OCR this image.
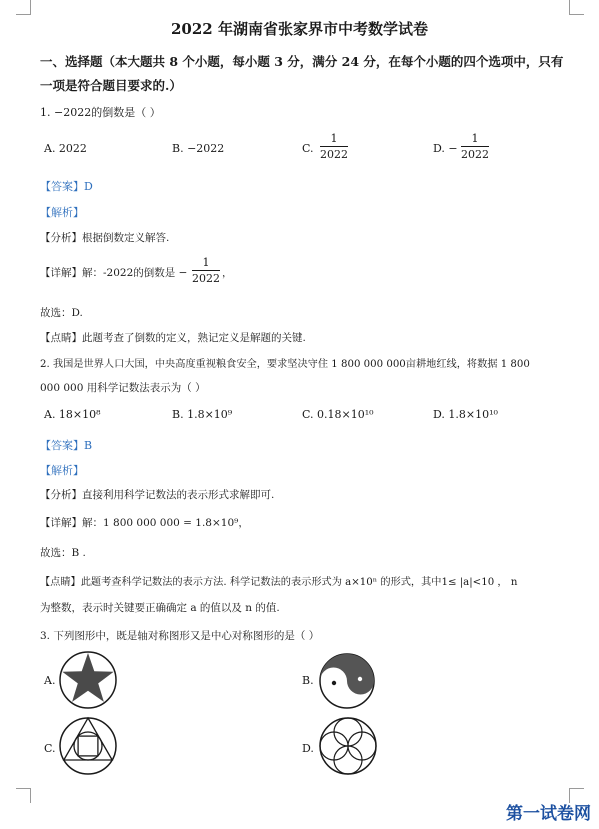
2022 年湖南省张家界市中考数学试卷
一、选择题（本大题共 8 个小题，每小题 3 分，满分 24 分，在每个小题的四个选项中，只有
一项是符合题目要求的.）
1. −2022的倒数是（ ）
A. 2022	B. −2022	C.
1
2022	D. −
1
2022
【答案】D
【解析】
【分析】根据倒数定义解答.
【详解】解：-2022的倒数是 −
1
2022 ，
故选：D.
【点睛】此题考查了倒数的定义，熟记定义是解题的关键.
2. 我国是世界人口大国，中央高度重视粮食安全，要求坚决守住 1 800 000 000亩耕地红线，将数据 1 800
000 000 用科学记数法表示为（ ）
A. 18×10⁸	B. 1.8×10⁹	C. 0.18×10¹⁰	D. 1.8×10¹⁰
【答案】B
【解析】
【分析】直接利用科学记数法的表示形式求解即可.
【详解】解：1 800 000 000 = 1.8×10⁹，
故选：B .
【点睛】此题考查科学记数法的表示方法. 科学记数法的表示形式为 a×10ⁿ 的形式，其中1≤ |a|<10 ， n
为整数，表示时关键要正确确定 a 的值以及 n 的值.
3. 下列图形中，既是轴对称图形又是中心对称图形的是（ ）
A.	B.
C.	D.
第一试卷网
